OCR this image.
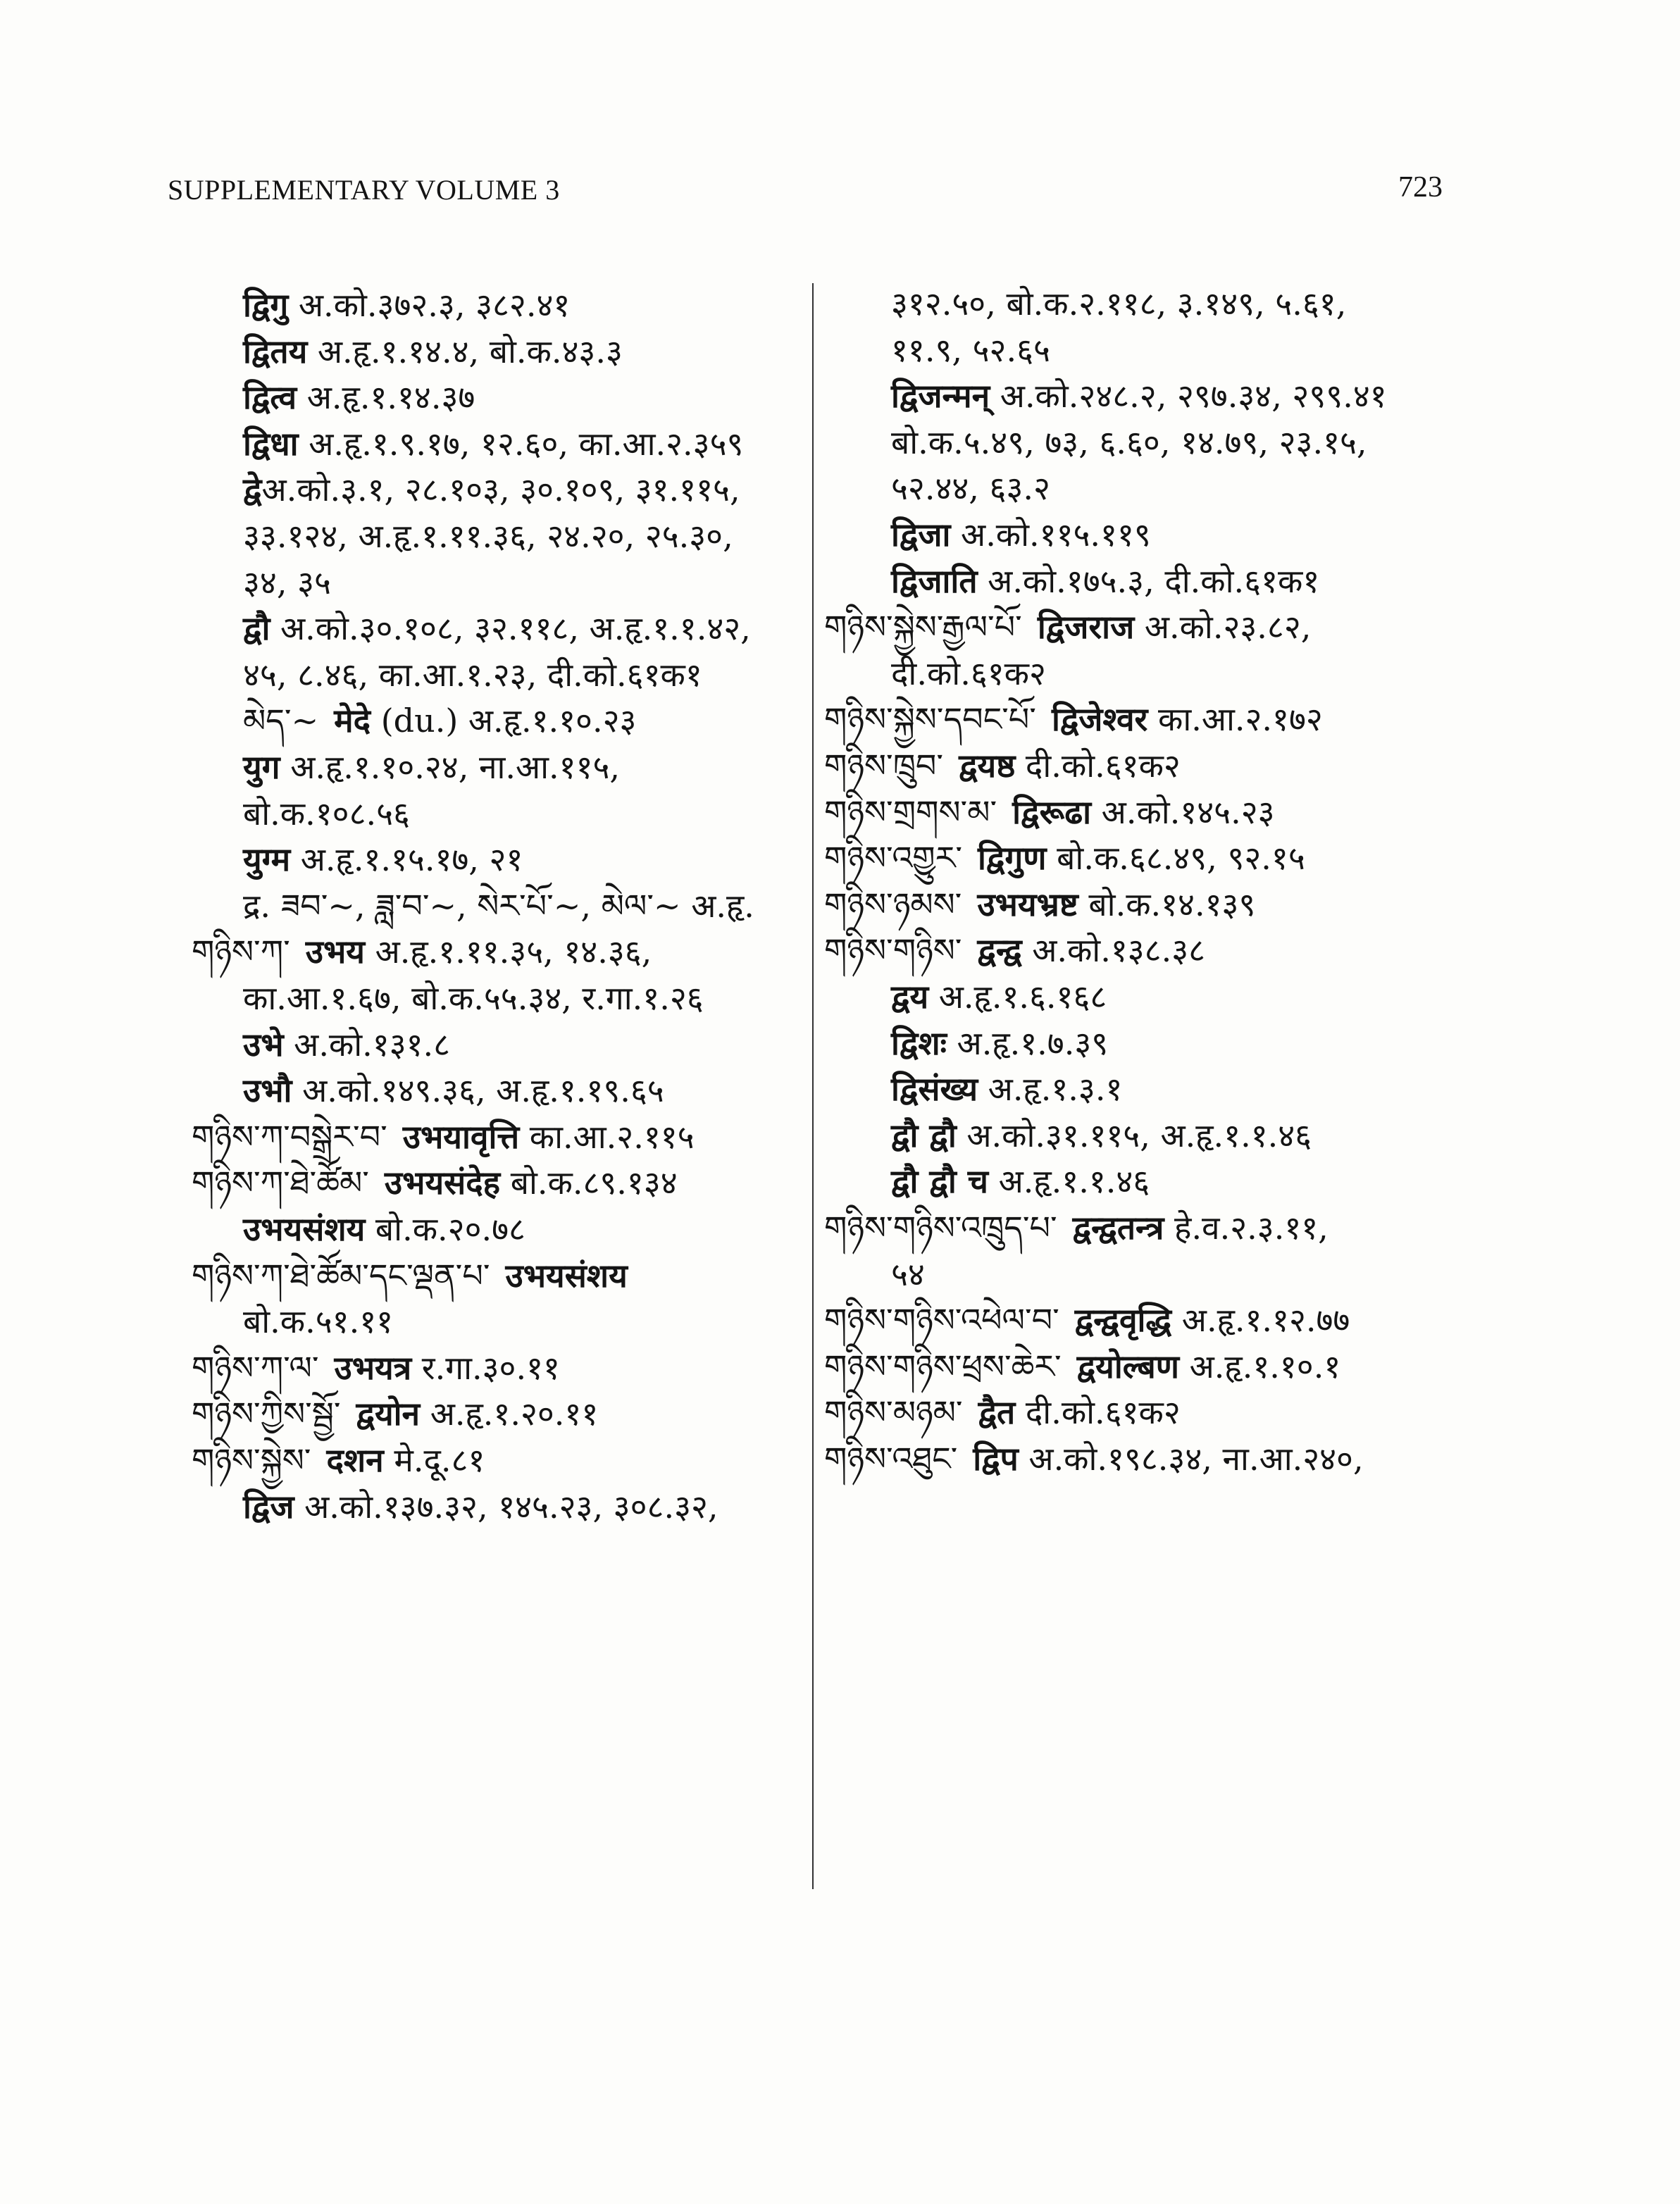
SUPPLEMENTARY VOLUME 3	723
द्विगु अ.को.३७२.३, ३८२.४१
द्वितय अ.हृ.१.१४.४, बो.क.४३.३
द्वित्व अ.हृ.१.१४.३७
द्विधा अ.हृ.१.९.१७, १२.६०, का.आ.२.३५९
द्वेअ.को.३.१, २८.१०३, ३०.१०९, ३१.११५,
३३.१२४, अ.हृ.१.११.३६, २४.२०, २५.३०,
३४, ३५
द्वौ अ.को.३०.१०८, ३२.११८, अ.हृ.१.१.४२,
४५, ८.४६, का.आ.१.२३, दी.को.६१क१
མེད་~ मेदे (du.) अ.हृ.१.१०.२३
युग अ.हृ.१.१०.२४, ना.आ.११५,
बो.क.१०८.५६
युग्म अ.हृ.१.१५.१७, २१
द्र. ཟབ་~, ཟླ་བ་~, སེར་པོ་~, མེལ་~ अ.हृ.
གཉིས་ཀ་ उभय अ.हृ.१.११.३५, १४.३६,
का.आ.१.६७, बो.क.५५.३४, र.गा.१.२६
उभे अ.को.१३१.८
उभौ अ.को.१४९.३६, अ.हृ.१.१९.६५
གཉིས་ཀ་བསྒྲེར་བ་ उभयावृत्ति का.आ.२.११५
གཉིས་ཀ་ཐེ་ཚོམ་ उभयसंदेह बो.क.८९.१३४
उभयसंशय बो.क.२०.७८
གཉིས་ཀ་ཐེ་ཚོམ་དང་ལྡན་པ་ उभयसंशय
बो.क.५१.११
གཉིས་ཀ་ལ་ उभयत्र र.गा.३०.११
གཉིས་ཀྱིས་སྦྱོ་ द्वयोन अ.हृ.१.२०.११
གཉིས་སྐྱེས་ दशन मे.दू.८१
द्विज अ.को.१३७.३२, १४५.२३, ३०८.३२,
३१२.५०, बो.क.२.११८, ३.१४९, ५.६१,
११.९, ५२.६५
द्विजन्मन् अ.को.२४८.२, २९७.३४, २९९.४१
बो.क.५.४९, ७३, ६.६०, १४.७९, २३.१५,
५२.४४, ६३.२
द्विजा अ.को.११५.११९
द्विजाति अ.को.१७५.३, दी.को.६१क१
གཉིས་སྐྱེས་རྒྱལ་པོ་ द्विजराज अ.को.२३.८२,
दी.को.६१क२
གཉིས་སྐྱེས་དབང་པོ་ द्विजेश्वर का.आ.२.१७२
གཉིས་ཁྲུབ་ द्वयष्ठ दी.को.६१क२
གཉིས་གྲགས་མ་ द्विरूढा अ.को.१४५.२३
གཉིས་འགྱུར་ द्विगुण बो.क.६८.४९, ९२.१५
གཉིས་ཉམས་ उभयभ्रष्ट बो.क.१४.१३९
གཉིས་གཉིས་ द्वन्द्व अ.को.१३८.३८
द्वय अ.हृ.१.६.१६८
द्विशः अ.हृ.१.७.३९
द्विसंख्य अ.हृ.१.३.१
द्वौ द्वौ अ.को.३१.११५, अ.हृ.१.१.४६
द्वौ द्वौ च अ.हृ.१.१.४६
གཉིས་གཉིས་འཁྲུད་པ་ द्वन्द्वतन्त्र हे.व.२.३.११,
५४
གཉིས་གཉིས་འཕེལ་བ་ द्वन्द्ववृद्धि अ.हृ.१.१२.७७
གཉིས་གཉིས་ཕྲས་ཆེར་ द्वयोल्बण अ.हृ.१.१०.१
གཉིས་མཉམ་ द्वैत दी.को.६१क२
གཉིས་འཐུང་ द्विप अ.को.१९८.३४, ना.आ.२४०,
